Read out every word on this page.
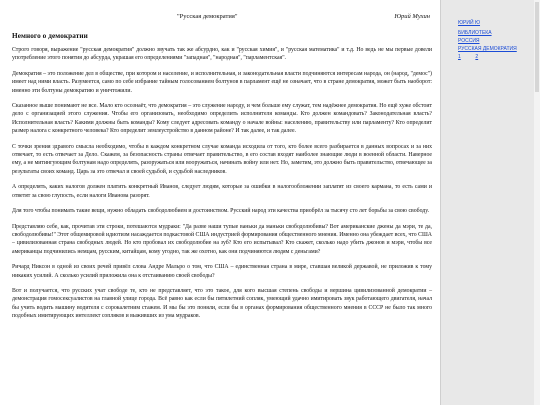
"Русская демократия"	Юрий Мухин
Немного о демократии

Строго говоря, выражение "русская демократия" должно звучать так же абсурдно, как и "русская химия", и "русская математика" и т.д. Но ведь не мы первые довели употребление этого понятия до абсурда, украшая его определениями "западная", "народная", "парламентская".

Демократия – это положение дел в обществе, при котором и население, и исполнительная, и законодательная власти подчиняются интересам народа, он (народ, "демос") имеет над ними власть. Разумеется, само по себе избрание тайным голосованием болтунов в парламент ещё не означает, что в стране демократия, может быть наоборот: именно эти болтуны демократию и уничтожили.

Сказанное выше понимают не все. Мало кто осознаёт, что демократия – это служение народу, и чем больше ему служат, тем надёжнее демократия. Но ещё хуже обстоит дело с организацией этого служения. Чтобы его организовать, необходимо определить исполнителя команды. Кто должен командовать? Законодательная власть? Исполнительная власть? Какими должны быть команды? Кому следует адресовать команду о начале войны: населению, правительству или парламенту? Кто определит размер налога с конкретного человека? Кто определит землеустройство в данном районе? И так далее, и так далее.

С точки зрения здравого смысла необходимо, чтобы в каждом конкретном случае команда исходила от того, кто более всего разбирается в данных вопросах и за них отвечает, то есть отвечает за Дело. Скажем, за безопасность страны отвечает правительство, в его состав входят наиболее знающие люди в военной области. Наверное ему, а не митингующим болтунам надо определять, разоружаться или вооружаться, начинать войну или нет. Но, заметим, это должно быть правительство, отвечающее за результаты своих команд. Царь за это отвечал и своей судьбой, и судьбой наследников.

А определять, каких налогов должен платить конкретный Иванов, следует людям, которые за ошибки в налогообложении заплатят из своего кармана, то есть сами и ответят за свою глупость, если налоги Иванова разорят.

Для того чтобы понимать такие вещи, нужно обладать свободолюбием и достоинством. Русский народ эти качества приобрёл за тысячу сто лет борьбы за свою свободу.

Представляю себе, как, прочитав эти строки, потешаются мудраки: "Да разве наши тупые ваньки да маньки свободолюбивы? Вот американские джены да мэри, те да, свободолюбивы!" Этот общемировой идиотизм насаждается подкастовой США индустрией формирования общественного мнения. Именно она убеждает всех, что США – цивилизованная страна свободных людей. Но кто пробовал их свободолюбие на зуб? Кто его испытывал? Кто скажет, сколько надо убить джонов и мэри, чтобы все американцы подчинились немцам, русским, китайцам, кому угодно, так же охотно, как они подчиняются людям с деньгами?

Ричард Никсон в одной из своих речей привёл слова Андре Мальро о том, что США – единственная страна в мире, ставшая великой державой, не приложив к тому никаких усилий. А сколько усилий приложила она к отстаиванию своей свободы?

Вот и получается, что русских учат свободе те, кто не представляет, что это такое, для кого высшая степень свободы и вершина цивилизованной демократии – демонстрация гомосексуалистов на главной улице города. Всё равно как если бы пятилетний сопляк, умеющий удачно имитировать звук работающего двигателя, начал бы учить водить машину водителя с сорокалетним стажем. И мы бы это поняли, если бы в органах формирования общественного мнения в СССР не было так много подобных имитирующих интеллект сопляков и выживших из ума мудраков.

ЮРИЙ Ю
БИБЛИОТЕКА
РОССИЯ
РУССКАЯ ДЕМОКРАТИЯ
1	2
